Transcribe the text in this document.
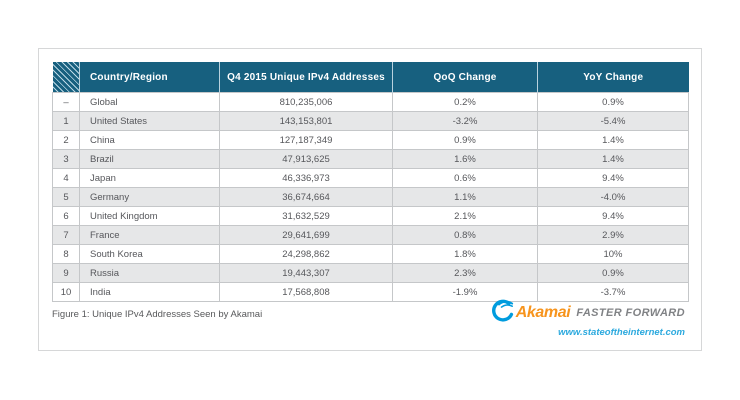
	Country/Region	Q4 2015 Unique IPv4 Addresses	QoQ Change	YoY Change
–	Global	810,235,006	0.2%	0.9%
1	United States	143,153,801	-3.2%	-5.4%
2	China	127,187,349	0.9%	1.4%
3	Brazil	47,913,625	1.6%	1.4%
4	Japan	46,336,973	0.6%	9.4%
5	Germany	36,674,664	1.1%	-4.0%
6	United Kingdom	31,632,529	2.1%	9.4%
7	France	29,641,699	0.8%	2.9%
8	South Korea	24,298,862	1.8%	10%
9	Russia	19,443,307	2.3%	0.9%
10	India	17,568,808	-1.9%	-3.7%
Figure 1: Unique IPv4 Addresses Seen by Akamai	Akamai FASTER FORWARD
www.stateoftheinternet.com
